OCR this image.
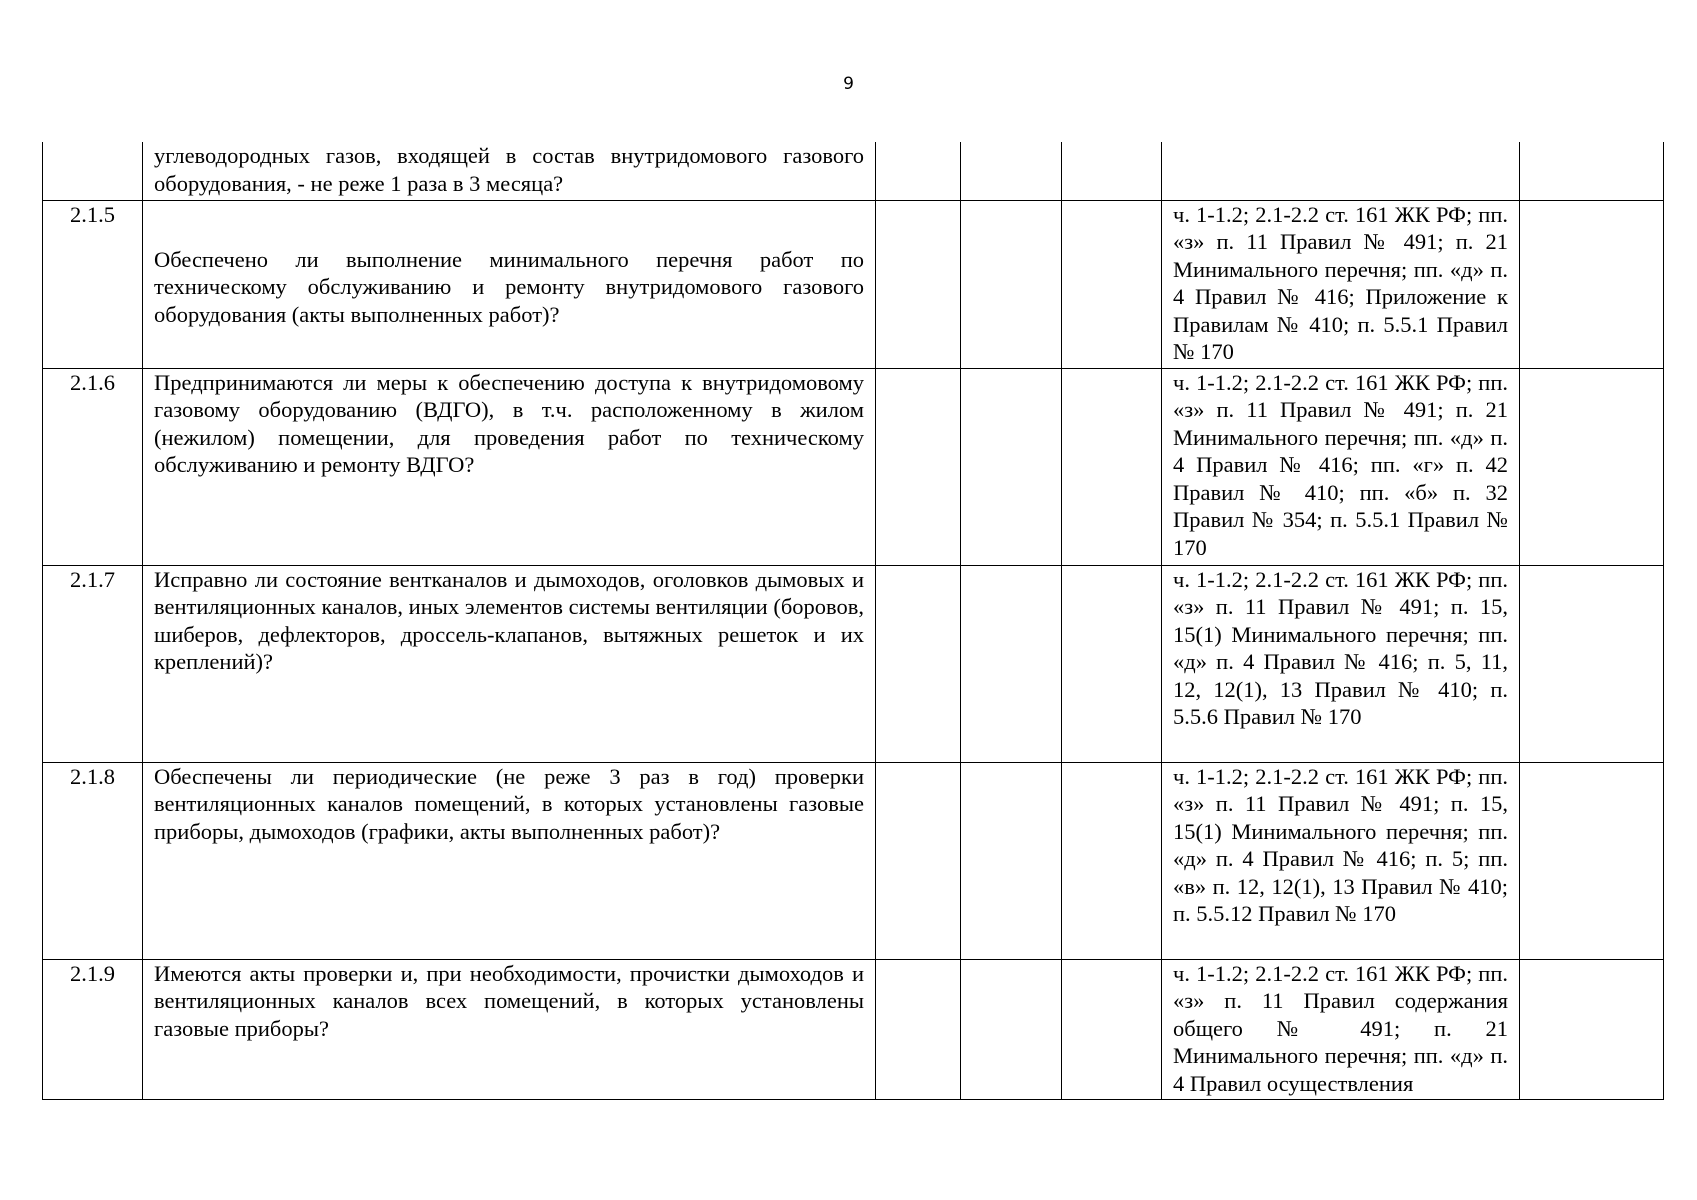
9
	углеводородных газов, входящей в состав внутридомового газового оборудования, - не реже 1 раза в 3 месяца?					
2.1.5	Обеспечено ли выполнение минимального перечня работ по техническому обслуживанию и ремонту внутридомового газового оборудования (акты выполненных работ)?				ч. 1-1.2; 2.1-2.2 ст. 161 ЖК РФ; пп. «з» п. 11 Правил № 491; п. 21 Минимального перечня; пп. «д» п. 4 Правил № 416; Приложение к Правилам № 410; п. 5.5.1 Правил № 170	
2.1.6	Предпринимаются ли меры к обеспечению доступа к внутридомовому газовому оборудованию (ВДГО), в т.ч. расположенному в жилом (нежилом) помещении, для проведения работ по техническому обслуживанию и ремонту ВДГО?				ч. 1-1.2; 2.1-2.2 ст. 161 ЖК РФ; пп. «з» п. 11 Правил № 491; п. 21 Минимального перечня; пп. «д» п. 4 Правил № 416; пп. «г» п. 42 Правил № 410; пп. «б» п. 32 Правил № 354; п. 5.5.1 Правил № 170	
2.1.7	Исправно ли состояние вентканалов и дымоходов, оголовков дымовых и вентиляционных каналов, иных элементов системы вентиляции (боровов, шиберов, дефлекторов, дроссель-клапанов, вытяжных решеток и их креплений)?				ч. 1-1.2; 2.1-2.2 ст. 161 ЖК РФ; пп. «з» п. 11 Правил № 491; п. 15, 15(1) Минимального перечня; пп. «д» п. 4 Правил № 416; п. 5, 11, 12, 12(1), 13 Правил № 410; п. 5.5.6 Правил № 170	
2.1.8	Обеспечены ли периодические (не реже 3 раз в год) проверки вентиляционных каналов помещений, в которых установлены газовые приборы, дымоходов (графики, акты выполненных работ)?				ч. 1-1.2; 2.1-2.2 ст. 161 ЖК РФ; пп. «з» п. 11 Правил № 491; п. 15, 15(1) Минимального перечня; пп. «д» п. 4 Правил № 416; п. 5; пп. «в» п. 12, 12(1), 13 Правил № 410; п. 5.5.12 Правил № 170	
2.1.9	Имеются акты проверки и, при необходимости, прочистки дымоходов и вентиляционных каналов всех помещений, в которых установлены газовые приборы?				ч. 1-1.2; 2.1-2.2 ст. 161 ЖК РФ; пп. «з» п. 11 Правил содержания общего № 491; п. 21 Минимального перечня; пп. «д» п. 4 Правил осуществления	
